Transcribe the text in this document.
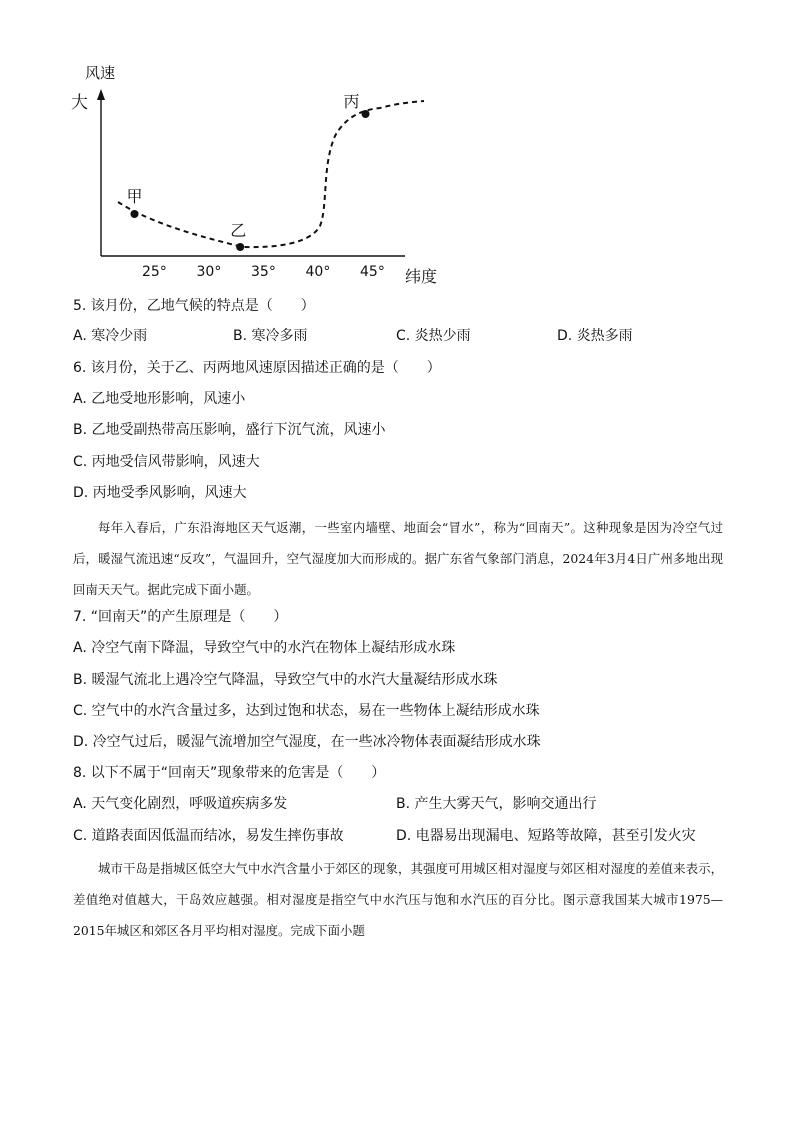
风速
大
纬度
25° 30° 35° 40° 45°
甲
乙
丙
5. 该月份，乙地气候的特点是（　　）
A. 寒冷少雨	B. 寒冷多雨	C. 炎热少雨	D. 炎热多雨
6. 该月份，关于乙、丙两地风速原因描述正确的是（　　）
A. 乙地受地形影响，风速小
B. 乙地受副热带高压影响，盛行下沉气流，风速小
C. 丙地受信风带影响，风速大
D. 丙地受季风影响，风速大
每年入春后，广东沿海地区天气返潮，一些室内墙壁、地面会“冒水”，称为“回南天”。这种现象是因为冷空气过后，暖湿气流迅速“反攻”，气温回升，空气湿度加大而形成的。据广东省气象部门消息，2024年3月4日广州多地出现回南天天气。据此完成下面小题。
7. “回南天”的产生原理是（　　）
A. 冷空气南下降温，导致空气中的水汽在物体上凝结形成水珠
B. 暖湿气流北上遇冷空气降温，导致空气中的水汽大量凝结形成水珠
C. 空气中的水汽含量过多，达到过饱和状态，易在一些物体上凝结形成水珠
D. 冷空气过后，暖湿气流增加空气湿度，在一些冰冷物体表面凝结形成水珠
8. 以下不属于“回南天”现象带来的危害是（　　）
A. 天气变化剧烈，呼吸道疾病多发	B. 产生大雾天气，影响交通出行
C. 道路表面因低温而结冰，易发生摔伤事故	D. 电器易出现漏电、短路等故障，甚至引发火灾
城市干岛是指城区低空大气中水汽含量小于郊区的现象，其强度可用城区相对湿度与郊区相对湿度的差值来表示，差值绝对值越大，干岛效应越强。相对湿度是指空气中水汽压与饱和水汽压的百分比。图示意我国某大城市1975—2015年城区和郊区各月平均相对湿度。完成下面小题
